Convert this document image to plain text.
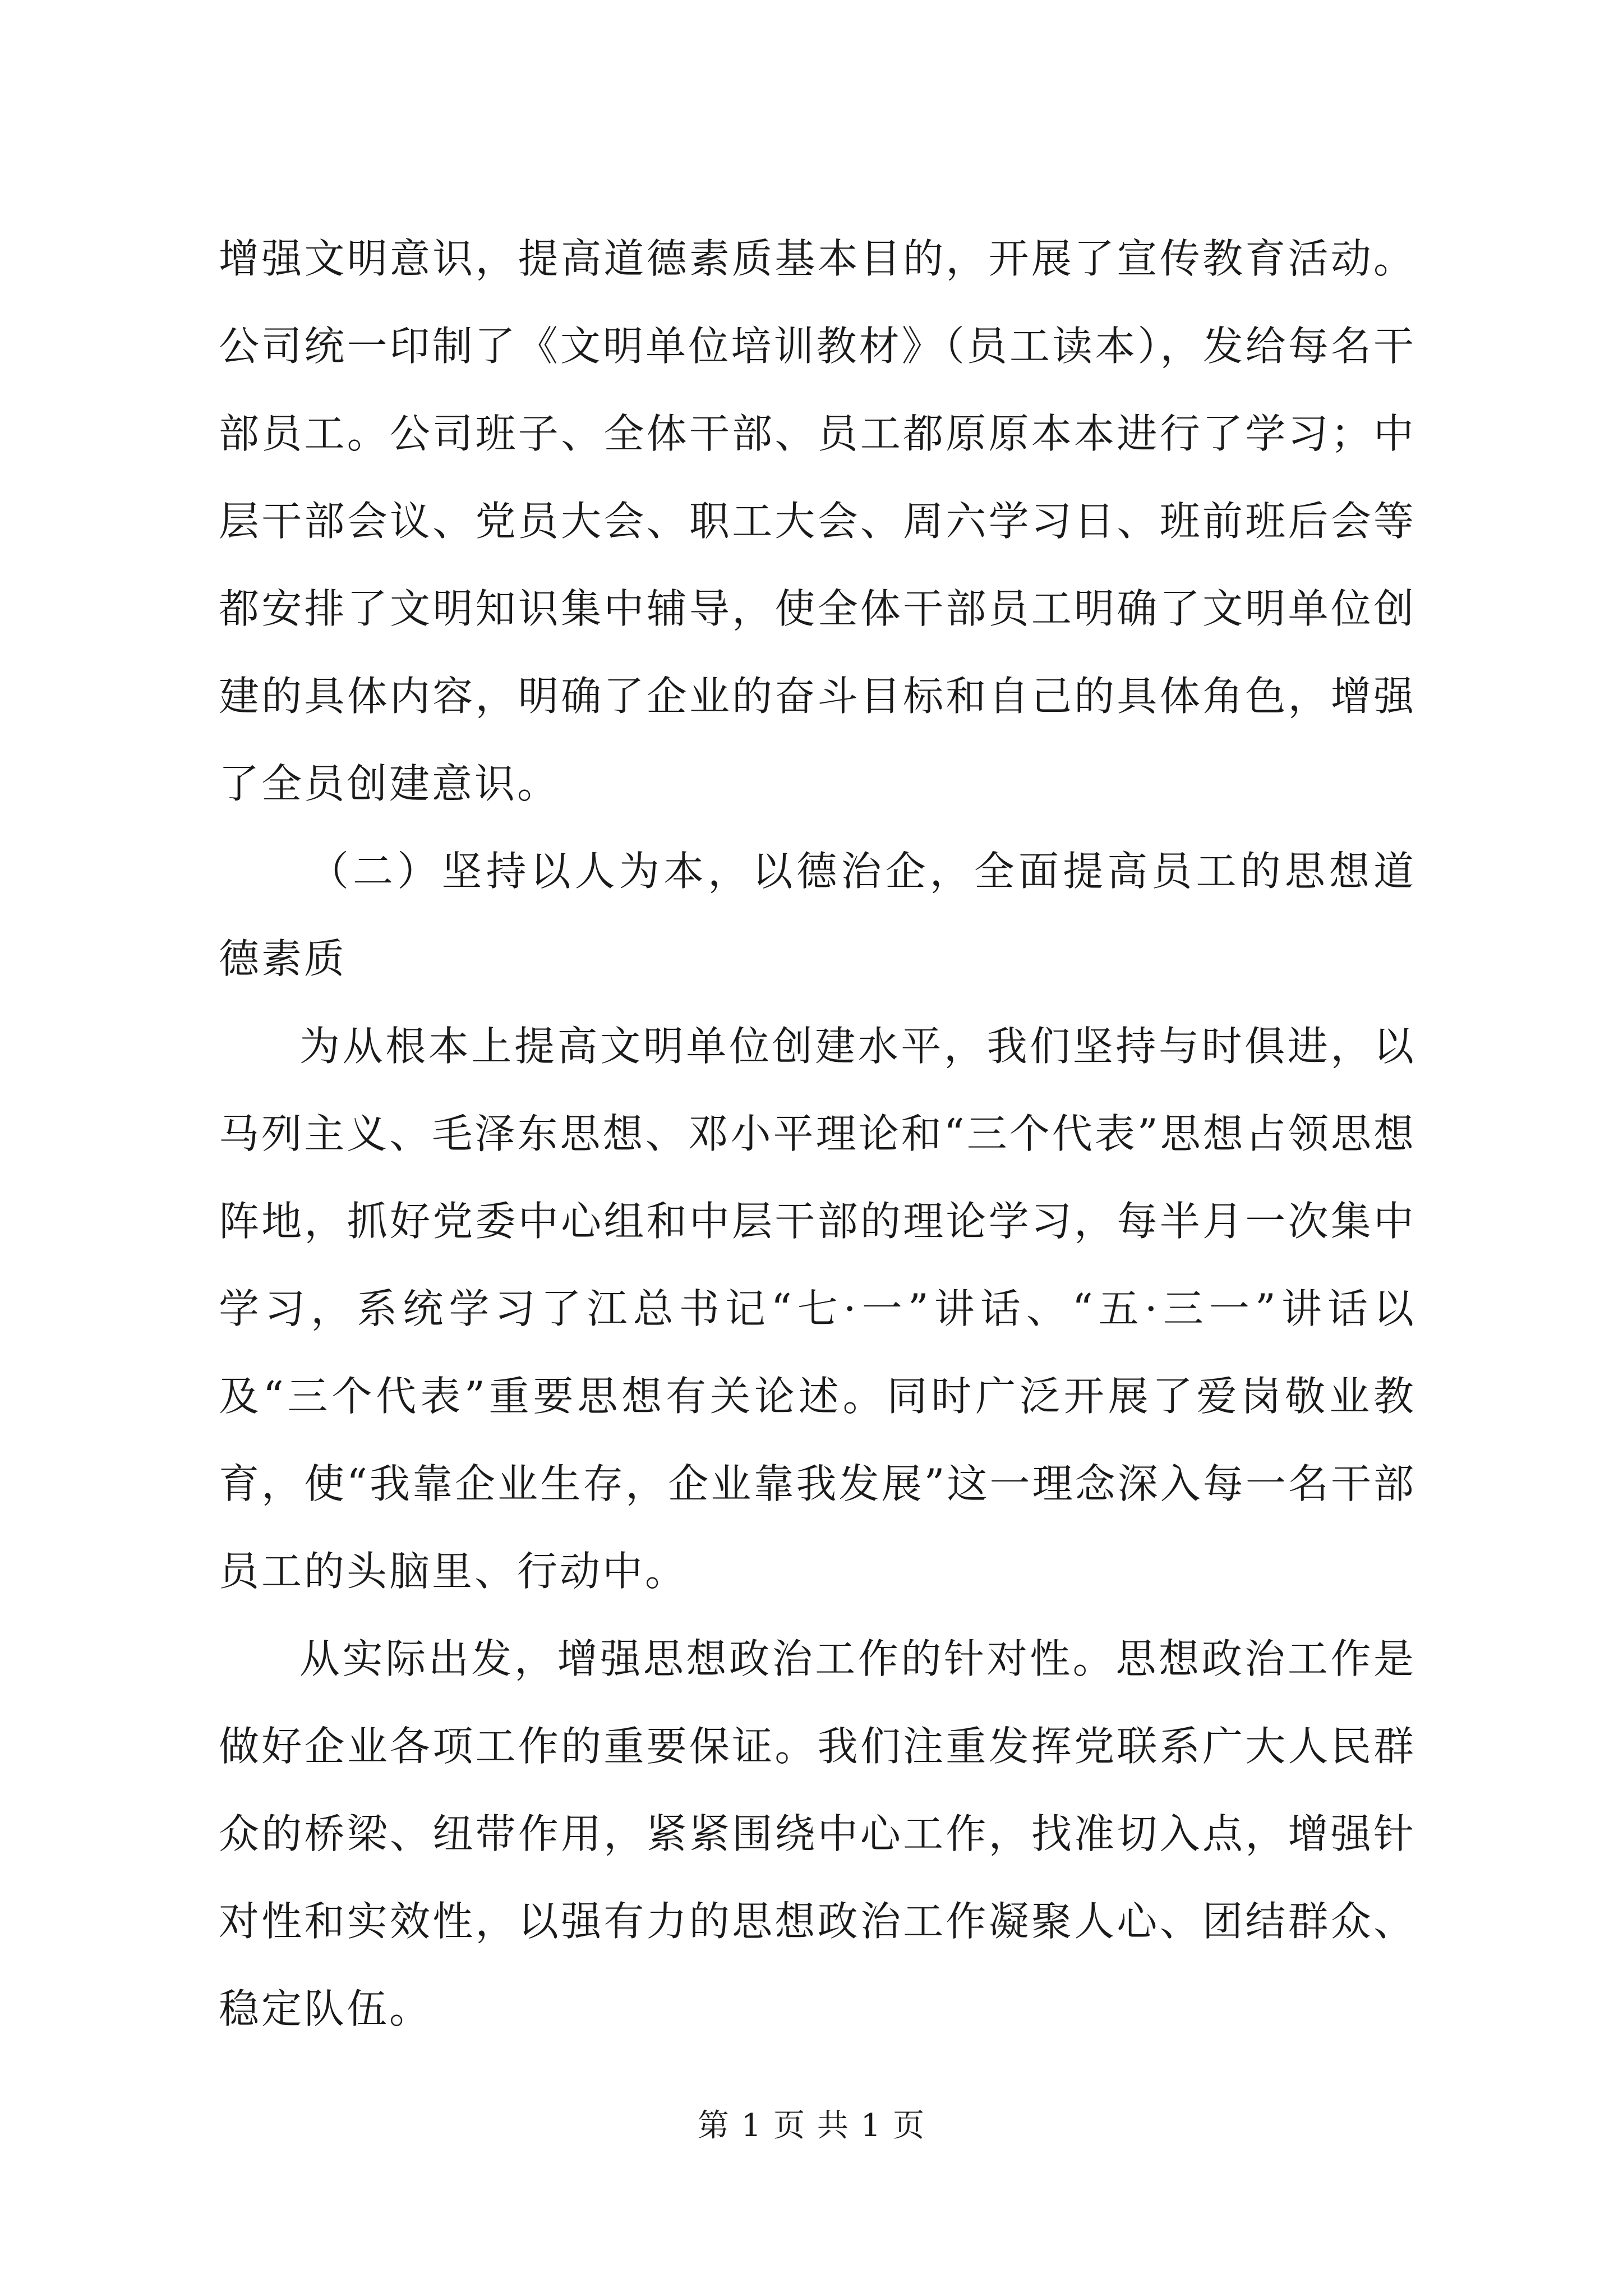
增强文明意识，提高道德素质基本目的，开展了宣传教育活动。公司统一印制了《文明单位培训教材》（员工读本），发给每名干部员工。公司班子、全体干部、员工都原原本本进行了学习；中层干部会议、党员大会、职工大会、周六学习日、班前班后会等都安排了文明知识集中辅导，使全体干部员工明确了文明单位创建的具体内容，明确了企业的奋斗目标和自己的具体角色，增强了全员创建意识。

（二）坚持以人为本，以德治企，全面提高员工的思想道德素质

为从根本上提高文明单位创建水平，我们坚持与时俱进，以马列主义、毛泽东思想、邓小平理论和“三个代表”思想占领思想阵地，抓好党委中心组和中层干部的理论学习，每半月一次集中学习，系统学习了江总书记“七·一”讲话、“五·三一”讲话以及“三个代表”重要思想有关论述。同时广泛开展了爱岗敬业教育，使“我靠企业生存，企业靠我发展”这一理念深入每一名干部员工的头脑里、行动中。

从实际出发，增强思想政治工作的针对性。思想政治工作是做好企业各项工作的重要保证。我们注重发挥党联系广大人民群众的桥梁、纽带作用，紧紧围绕中心工作，找准切入点，增强针对性和实效性，以强有力的思想政治工作凝聚人心、团结群众、稳定队伍。

第 1 页 共 1 页
